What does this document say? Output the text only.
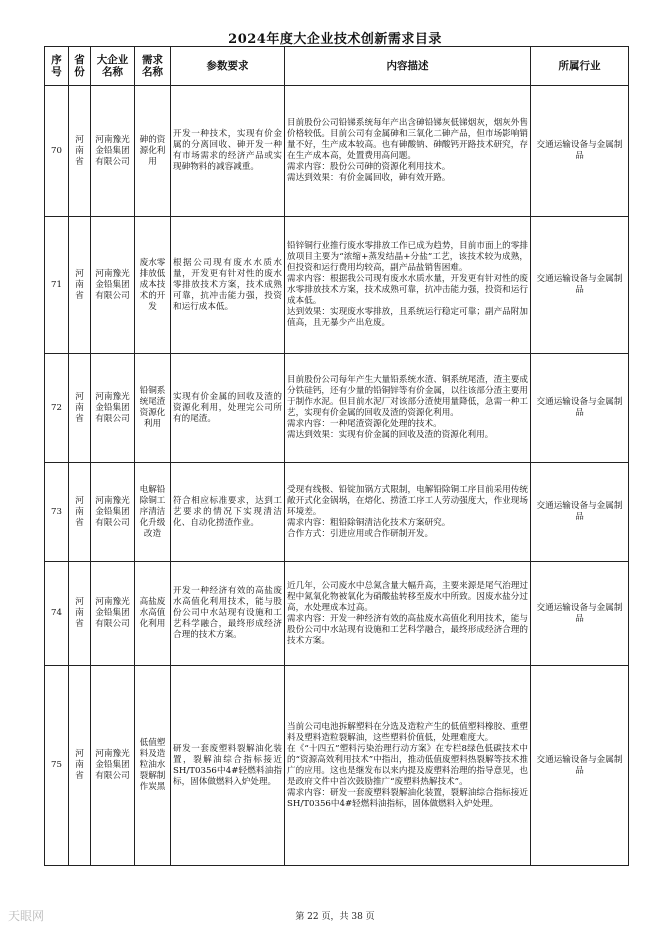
2024年度大企业技术创新需求目录
序号	省份	大企业名称	需求名称	参数要求	内容描述	所属行业
70	河南省	河南豫光金铅集团有限公司	砷的资源化利用	开发一种技术，实现有价金属的分离回收、砷开发一种有市场需求的经济产品或实现砷物料的减容减重。	目前股份公司铅锑系统每年产出含砷铅锑灰低锑烟灰，烟灰外售价格较低。目前公司有金属砷和三氧化二砷产品，但市场影响销量不好，生产成本较高。也有砷酸钠、砷酸钙开路技术研究，存在生产成本高，处置费用高问题。
需求内容：股份公司砷的资源化利用技术。
需达到效果：有价金属回收，砷有效开路。	交通运输设备与金属制品
71	河南省	河南豫光金铅集团有限公司	废水零排放低成本技术的开发	根据公司现有废水水质水量，开发更有针对性的废水零排放技术方案，技术成熟可靠，抗冲击能力强，投资和运行成本低。	铅锌铜行业推行废水零排放工作已成为趋势，目前市面上的零排放项目主要为“浓缩+蒸发结晶+分盐”工艺，该技术较为成熟，但投资和运行费用均较高，副产品盐销售困难。
需求内容：根据我公司现有废水水质水量，开发更有针对性的废水零排放技术方案，技术成熟可靠，抗冲击能力强，投资和运行成本低。
达到效果：实现废水零排放，且系统运行稳定可靠；副产品附加值高，且无暴少产出危废。	交通运输设备与金属制品
72	河南省	河南豫光金铅集团有限公司	铅铜系统尾渣资源化利用	实现有价金属的回收及渣的资源化利用，处理完公司所有的尾渣。	目前股份公司每年产生大量铅系统水渣、铜系统尾渣，渣主要成分铁硅钙，还有少量的铅铜锌等有价金属，以往该部分渣主要用于制作水泥。但目前水泥厂对该部分渣使用量降低，急需一种工艺，实现有价金属的回收及渣的资源化利用。
需求内容：一种尾渣资源化处理的技术。
需达到效果：实现有价金属的回收及渣的资源化利用。	交通运输设备与金属制品
73	河南省	河南豫光金铅集团有限公司	电解铅除铜工序清洁化升级改造	符合相应标准要求，达到工艺要求的情况下实现清洁化、自动化捞渣作业。	受现有线极、铅锭加锅方式限制，电解铅除铜工序目前采用传统敞开式化金锅埚，在熔化、捞渣工序工人劳动强度大，作业现场环境差。
需求内容：粗铅除铜清洁化技术方案研究。
合作方式：引进应用或合作研制开发。	交通运输设备与金属制品
74	河南省	河南豫光金铅集团有限公司	高盐废水高值化利用	开发一种经济有效的高盐废水高值化利用技术，能与股份公司中水站现有设施和工艺科学融合，最终形成经济合理的技术方案。	近几年，公司废水中总氮含量大幅升高，主要来源是尾气治理过程中氮氧化物被氧化为硝酸盐转移至废水中所致。因废水盐分过高，水处理成本过高。
需求内容：开发一种经济有效的高盐废水高值化利用技术，能与股份公司中水站现有设施和工艺科学融合，最终形成经济合理的技术方案。	交通运输设备与金属制品
75	河南省	河南豫光金铅集团有限公司	低值塑料及造粒油水裂解制作炭黑	研发一套废塑料裂解油化装置，裂解油综合指标接近SH/T0356中4#轻燃料油指标，固体做燃料入炉处理。	当前公司电池拆解塑料在分选及造粒产生的低值塑料橡胶、重塑料及塑料造粒裂解油，这些塑料价值低，处理难度大。
在《“十四五”塑料污染治理行动方案》在专栏8绿色低碳技术中的“资源高效利用技术”中指出，推动低值废塑料热裂解等技术推广的应用。这也是继发布以来内提及废塑料治理的指导意见，也是政府文件中首次鼓励推广“废塑料热解技术”。
需求内容：研发一套废塑料裂解油化装置，裂解油综合指标接近SH/T0356中4#轻燃料油指标，固体做燃料入炉处理。	交通运输设备与金属制品
第 22 页，共 38 页
天眼网
